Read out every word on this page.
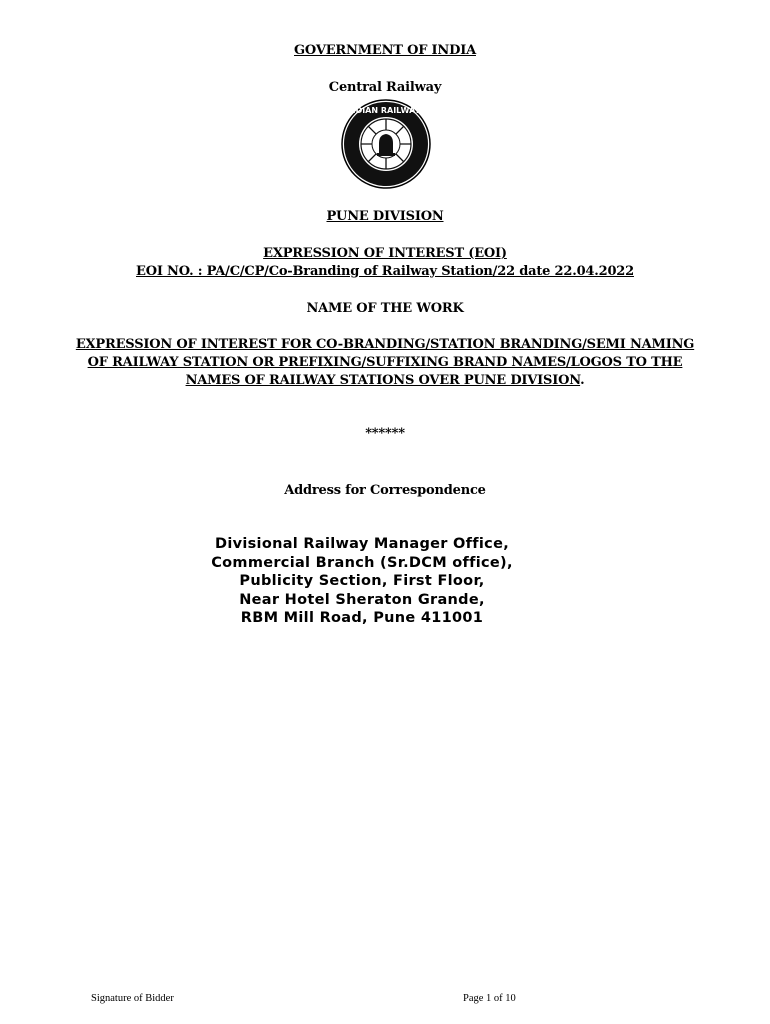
GOVERNMENT OF INDIA
Central Railway
INDIAN RAILWAYS
PUNE DIVISION
EXPRESSION OF INTEREST (EOI)
EOI NO. : PA/C/CP/Co-Branding of Railway Station/22 date 22.04.2022
NAME OF THE WORK
EXPRESSION OF INTEREST FOR CO-BRANDING/STATION BRANDING/SEMI NAMING
OF RAILWAY STATION OR PREFIXING/SUFFIXING BRAND NAMES/LOGOS TO THE
NAMES OF RAILWAY STATIONS OVER PUNE DIVISION.
******
Address for Correspondence
Divisional Railway Manager Office,
Commercial Branch (Sr.DCM office),
Publicity Section, First Floor,
Near Hotel Sheraton Grande,
RBM Mill Road, Pune 411001
Signature of Bidder	Page 1 of 10
